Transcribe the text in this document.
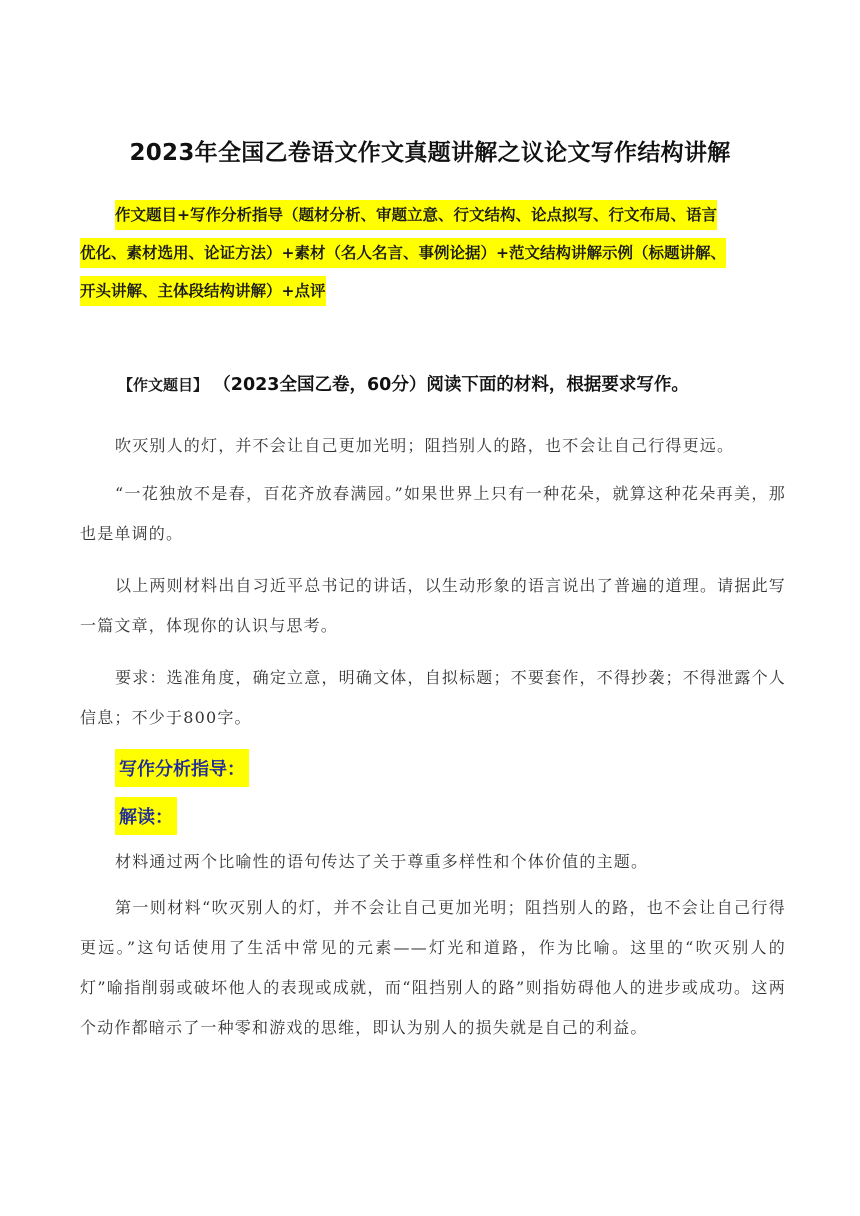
2023年全国乙卷语文作文真题讲解之议论文写作结构讲解
作文题目+写作分析指导（题材分析、审题立意、行文结构、论点拟写、行文布局、语言
优化、素材选用、论证方法）+素材（名人名言、事例论据）+范文结构讲解示例（标题讲解、
开头讲解、主体段结构讲解）+点评
【作文题目】 （2023全国乙卷，60分）阅读下面的材料，根据要求写作。
吹灭别人的灯，并不会让自己更加光明；阻挡别人的路，也不会让自己行得更远。
“一花独放不是春，百花齐放春满园。”如果世界上只有一种花朵，就算这种花朵再美，那也是单调的。
以上两则材料出自习近平总书记的讲话，以生动形象的语言说出了普遍的道理。请据此写一篇文章，体现你的认识与思考。
要求：选准角度，确定立意，明确文体，自拟标题；不要套作，不得抄袭；不得泄露个人信息；不少于800字。
写作分析指导：
解读：
材料通过两个比喻性的语句传达了关于尊重多样性和个体价值的主题。
第一则材料“吹灭别人的灯，并不会让自己更加光明；阻挡别人的路，也不会让自己行得更远。”这句话使用了生活中常见的元素——灯光和道路，作为比喻。这里的“吹灭别人的灯”喻指削弱或破坏他人的表现或成就，而“阻挡别人的路”则指妨碍他人的进步或成功。这两个动作都暗示了一种零和游戏的思维，即认为别人的损失就是自己的利益。
